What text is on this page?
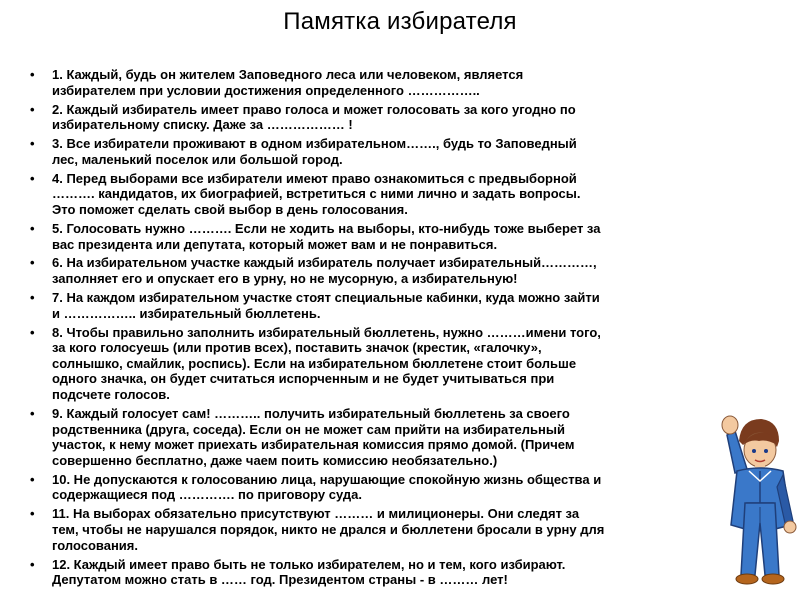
Памятка избирателя
• 1. Каждый, будь он жителем Заповедного леса или человеком, является
избирателем при условии достижения определенного ……………..
• 2. Каждый избиратель имеет право голоса и может голосовать за кого угодно по
избирательному списку. Даже за ……………… !
• 3. Все избиратели проживают в одном избирательном……., будь то Заповедный
лес, маленький поселок или большой город.
• 4. Перед выборами все избиратели имеют право ознакомиться с предвыборной
………. кандидатов, их биографией, встретиться с ними лично и задать вопросы.
Это поможет сделать свой выбор в день голосования.
• 5. Голосовать нужно ………. Если не ходить на выборы, кто-нибудь тоже выберет за
вас президента или депутата, который может вам и не понравиться.
• 6. На избирательном участке каждый избиратель получает избирательный…………,
заполняет его и опускает его в урну, но не мусорную, а избирательную!
• 7. На каждом избирательном участке стоят специальные кабинки, куда можно зайти
и …………….. избирательный бюллетень.
• 8. Чтобы правильно заполнить избирательный бюллетень, нужно ………имени того,
за кого голосуешь (или против всех), поставить значок (крестик, «галочку»,
солнышко, смайлик, роспись). Если на избирательном бюллетене стоит больше
одного значка, он будет считаться испорченным и не будет учитываться при
подсчете голосов.
• 9. Каждый голосует сам! ……….. получить избирательный бюллетень за своего
родственника (друга, соседа). Если он не может сам прийти на избирательный
участок, к нему может приехать избирательная комиссия прямо домой. (Причем
совершенно бесплатно, даже чаем поить комиссию необязательно.)
• 10. Не допускаются к голосованию лица, нарушающие спокойную жизнь общества и
содержащиеся под …………. по приговору суда.
• 11. На выборах обязательно присутствуют ……… и милиционеры. Они следят за
тем, чтобы не нарушался порядок, никто не дрался и бюллетени бросали в урну для
голосования.
• 12. Каждый имеет право быть не только избирателем, но и тем, кого избирают.
Депутатом можно стать в …… год. Президентом страны - в ……… лет!
